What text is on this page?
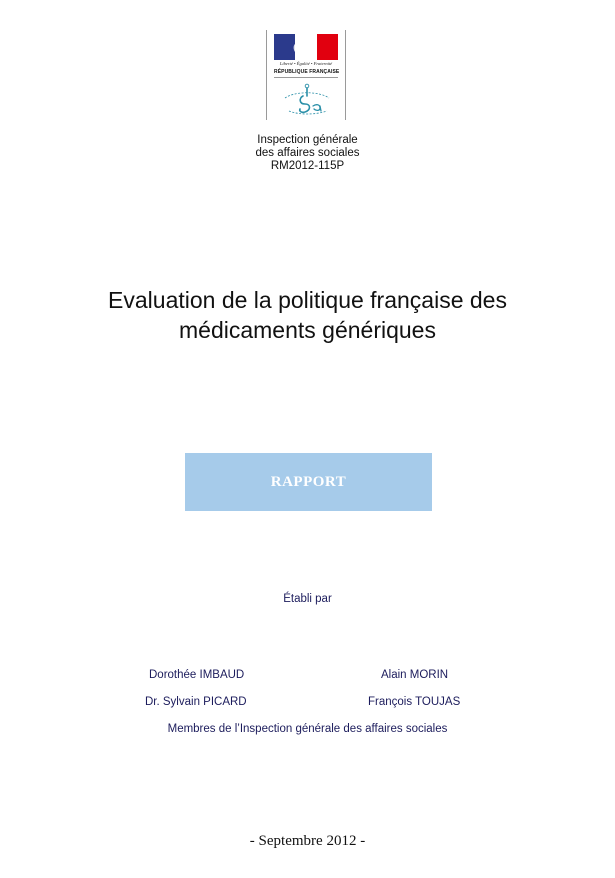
Liberté • Égalité • Fraternité
RÉPUBLIQUE FRANÇAISE
Inspection générale
des affaires sociales
RM2012-115P
Evaluation de la politique française des
médicaments génériques
RAPPORT
Établi par
Dorothée IMBAUD
Dr. Sylvain PICARD
Alain MORIN
François TOUJAS
Membres de l’Inspection générale des affaires sociales
- Septembre 2012 -
